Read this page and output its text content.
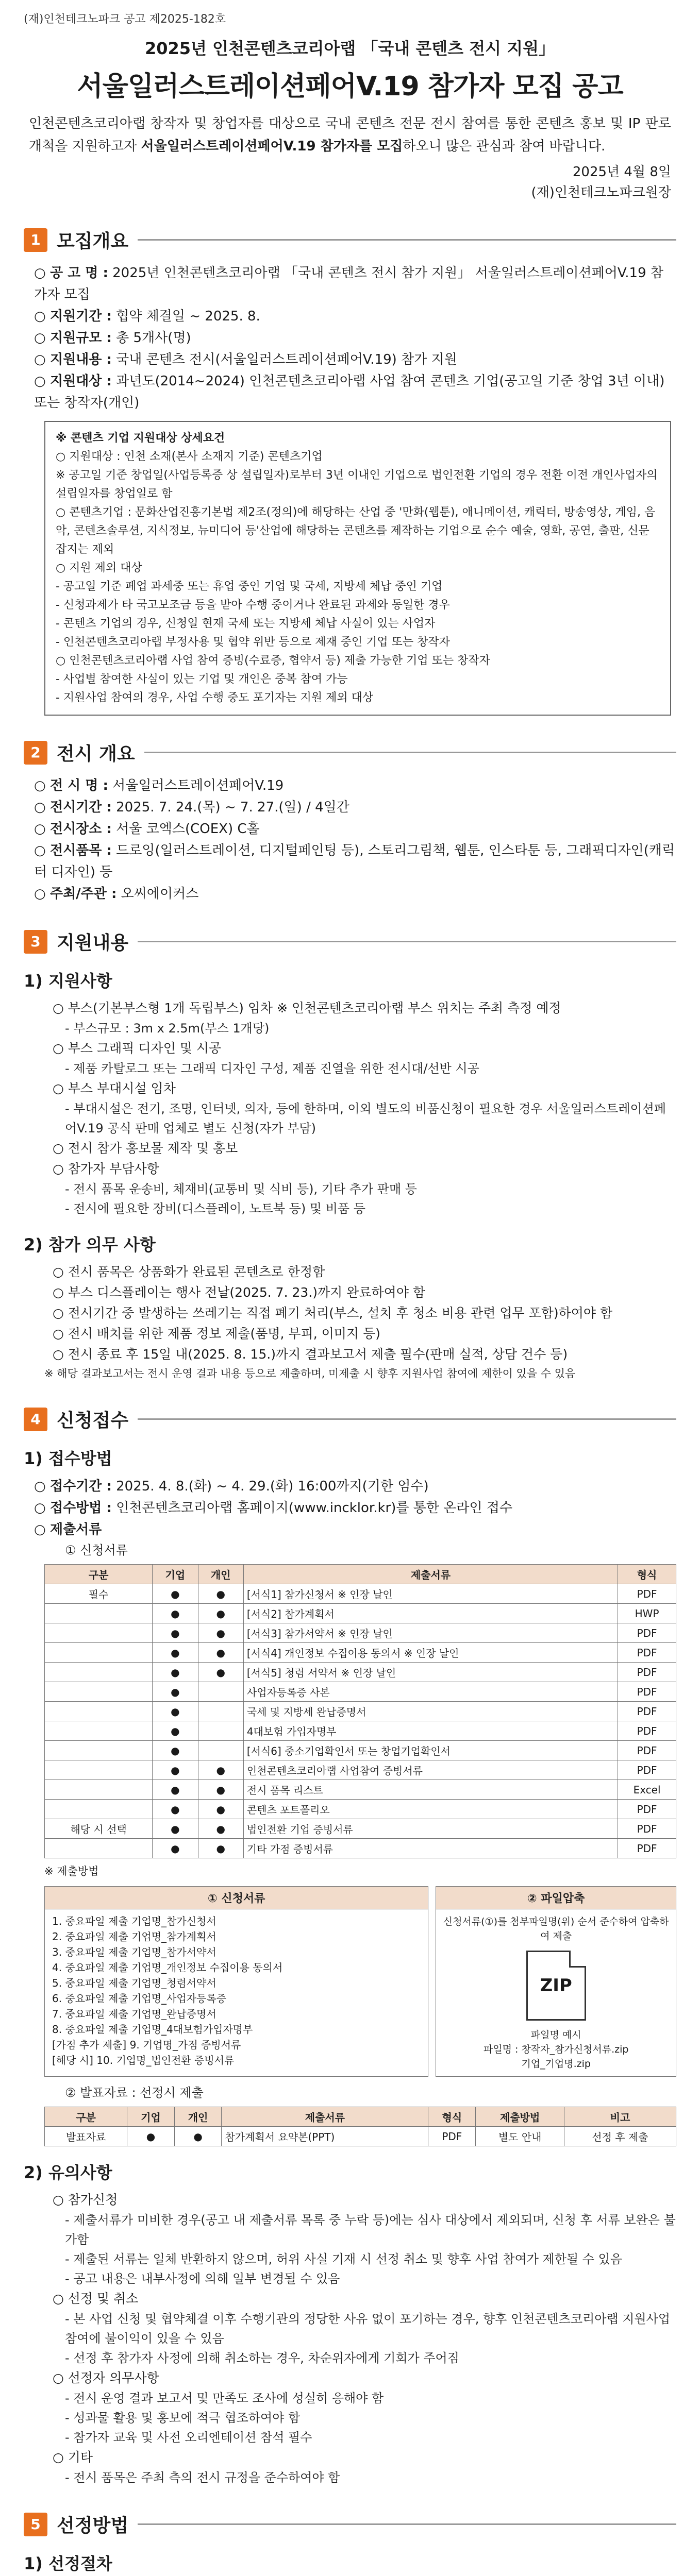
(재)인천테크노파크 공고 제2025-182호
2025년 인천콘텐츠코리아랩 「국내 콘텐츠 전시 지원」
서울일러스트레이션페어V.19 참가자 모집 공고
인천콘텐츠코리아랩 창작자 및 창업자를 대상으로 국내 콘텐츠 전문 전시 참여를 통한 콘텐츠 홍보 및 IP 판로 개척을 지원하고자 서울일러스트레이션페어V.19 참가자를 모집하오니 많은 관심과 참여 바랍니다.
2025년 4월 8일
(재)인천테크노파크원장
1 모집개요
○ 공 고 명 : 2025년 인천콘텐츠코리아랩 「국내 콘텐츠 전시 참가 지원」 서울일러스트레이션페어V.19 참가자 모집
○ 지원기간 : 협약 체결일 ~ 2025. 8.
○ 지원규모 : 총 5개사(명)
○ 지원내용 : 국내 콘텐츠 전시(서울일러스트레이션페어V.19) 참가 지원
○ 지원대상 : 과년도(2014~2024) 인천콘텐츠코리아랩 사업 참여 콘텐츠 기업(공고일 기준 창업 3년 이내) 또는 창작자(개인)
※ 콘텐츠 기업 지원대상 상세요건
○ 지원대상 : 인천 소재(본사 소재지 기준) 콘텐츠기업
※ 공고일 기준 창업일(사업등록증 상 설립일자)로부터 3년 이내인 기업으로 법인전환 기업의 경우 전환 이전 개인사업자의 설립일자를 창업일로 함
○ 콘텐츠기업 : 문화산업진흥기본법 제2조(정의)에 해당하는 산업 중 '만화(웹툰), 애니메이션, 캐릭터, 방송영상, 게임, 음악, 콘텐츠솔루션, 지식정보, 뉴미디어 등'산업에 해당하는 콘텐츠를 제작하는 기업으로 순수 예술, 영화, 공연, 출판, 신문잡지는 제외
○ 지원 제외 대상
- 공고일 기준 폐업 과세중 또는 휴업 중인 기업 및 국세, 지방세 체납 중인 기업
- 신청과제가 타 국고보조금 등을 받아 수행 중이거나 완료된 과제와 동일한 경우
- 콘텐츠 기업의 경우, 신청일 현재 국세 또는 지방세 체납 사실이 있는 사업자
- 인천콘텐츠코리아랩 부정사용 및 협약 위반 등으로 제재 중인 기업 또는 창작자
○ 인천콘텐츠코리아랩 사업 참여 증빙(수료증, 협약서 등) 제출 가능한 기업 또는 창작자
- 사업별 참여한 사실이 있는 기업 및 개인은 중복 참여 가능
- 지원사업 참여의 경우, 사업 수행 중도 포기자는 지원 제외 대상
2 전시 개요
○ 전 시 명 : 서울일러스트레이션페어V.19
○ 전시기간 : 2025. 7. 24.(목) ~ 7. 27.(일) / 4일간
○ 전시장소 : 서울 코엑스(COEX) C홀
○ 전시품목 : 드로잉(일러스트레이션, 디지털페인팅 등), 스토리그림책, 웹툰, 인스타툰 등, 그래픽디자인(캐릭터 디자인) 등
○ 주최/주관 : 오씨에이커스
3 지원내용
1) 지원사항
○ 부스(기본부스형 1개 독립부스) 임차 ※ 인천콘텐츠코리아랩 부스 위치는 주최 측정 예정
- 부스규모 : 3m x 2.5m(부스 1개당)
○ 부스 그래픽 디자인 및 시공
- 제품 카탈로그 또는 그래픽 디자인 구성, 제품 진열을 위한 전시대/선반 시공
○ 부스 부대시설 임차
- 부대시설은 전기, 조명, 인터넷, 의자, 등에 한하며, 이외 별도의 비품신청이 필요한 경우 서울일러스트레이션페어V.19 공식 판매 업체로 별도 신청(자가 부담)
○ 전시 참가 홍보물 제작 및 홍보
○ 참가자 부담사항
- 전시 품목 운송비, 체재비(교통비 및 식비 등), 기타 추가 판매 등
- 전시에 필요한 장비(디스플레이, 노트북 등) 및 비품 등
2) 참가 의무 사항
○ 전시 품목은 상품화가 완료된 콘텐츠로 한정함
○ 부스 디스플레이는 행사 전날(2025. 7. 23.)까지 완료하여야 함
○ 전시기간 중 발생하는 쓰레기는 직접 폐기 처리(부스, 설치 후 청소 비용 관련 업무 포함)하여야 함
○ 전시 배치를 위한 제품 정보 제출(품명, 부피, 이미지 등)
○ 전시 종료 후 15일 내(2025. 8. 15.)까지 결과보고서 제출 필수(판매 실적, 상담 건수 등)
※ 해당 결과보고서는 전시 운영 결과 내용 등으로 제출하며, 미제출 시 향후 지원사업 참여에 제한이 있을 수 있음
4 신청접수
1) 접수방법
○ 접수기간 : 2025. 4. 8.(화) ~ 4. 29.(화) 16:00까지(기한 엄수)
○ 접수방법 : 인천콘텐츠코리아랩 홈페이지(www.incklor.kr)를 통한 온라인 접수
○ 제출서류
① 신청서류
구분	기업	개인	제출서류	형식
필수	●	●	[서식1] 참가신청서 ※ 인장 날인	PDF
	●	●	[서식2] 참가계획서	HWP
	●	●	[서식3] 참가서약서 ※ 인장 날인	PDF
	●	●	[서식4] 개인정보 수집이용 동의서 ※ 인장 날인	PDF
	●	●	[서식5] 청렴 서약서 ※ 인장 날인	PDF
	●		사업자등록증 사본	PDF
	●		국세 및 지방세 완납증명서	PDF
	●		4대보험 가입자명부	PDF
	●		[서식6] 중소기업확인서 또는 창업기업확인서	PDF
	●	●	인천콘텐츠코리아랩 사업참여 증빙서류	PDF
	●	●	전시 품목 리스트	Excel
	●	●	콘텐츠 포트폴리오	PDF
해당 시 선택	●	●	법인전환 기업 증빙서류	PDF
	●	●	기타 가점 증빙서류	PDF
※ 제출방법
① 신청서류
1. 중요파일 제출 기업명_참가신청서
2. 중요파일 제출 기업명_참가계획서
3. 중요파일 제출 기업명_참가서약서
4. 중요파일 제출 기업명_개인정보 수집이용 동의서
5. 중요파일 제출 기업명_청렴서약서
6. 중요파일 제출 기업명_사업자등록증
7. 중요파일 제출 기업명_완납증명서
8. 중요파일 제출 기업명_4대보험가입자명부
[가점 추가 제출] 9. 기업명_가점 증빙서류
[해당 시] 10. 기업명_법인전환 증빙서류
② 파일압축
신청서류(①)를 첨부파일명(위) 순서 준수하여 압축하여 제출
ZIP
파일명 예시
파일명 : 창작자_참가신청서류.zip
기업_기업명.zip
② 발표자료 : 선정시 제출
구분	기업	개인	제출서류	형식	제출방법	비고
발표자료	●	●	참가계획서 요약본(PPT)	PDF	별도 안내	선정 후 제출
2) 유의사항
○ 참가신청
- 제출서류가 미비한 경우(공고 내 제출서류 목록 중 누락 등)에는 심사 대상에서 제외되며, 신청 후 서류 보완은 불가함
- 제출된 서류는 일체 반환하지 않으며, 허위 사실 기재 시 선정 취소 및 향후 사업 참여가 제한될 수 있음
- 공고 내용은 내부사정에 의해 일부 변경될 수 있음
○ 선정 및 취소
- 본 사업 신청 및 협약체결 이후 수행기관의 정당한 사유 없이 포기하는 경우, 향후 인천콘텐츠코리아랩 지원사업 참여에 불이익이 있을 수 있음
- 선정 후 참가자 사정에 의해 취소하는 경우, 차순위자에게 기회가 주어짐
○ 선정자 의무사항
- 전시 운영 결과 보고서 및 만족도 조사에 성실히 응해야 함
- 성과물 활용 및 홍보에 적극 협조하여야 함
- 참가자 교육 및 사전 오리엔테이션 참석 필수
○ 기타
- 전시 품목은 주최 측의 전시 규정을 준수하여야 함
5 선정방법
1) 선정절차
